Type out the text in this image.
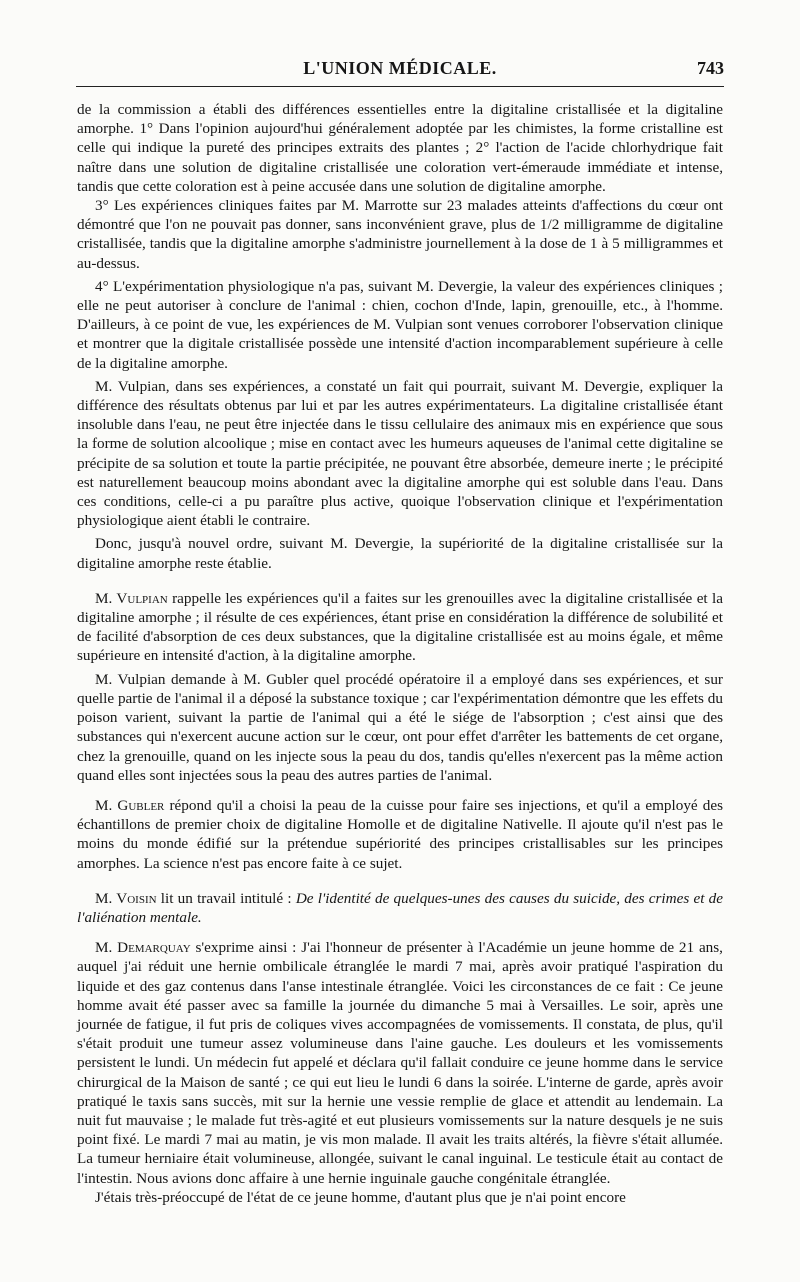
L'UNION MÉDICALE.	743

de la commission a établi des différences essentielles entre la digitaline cristallisée et la digitaline amorphe. 1° Dans l'opinion aujourd'hui généralement adoptée par les chimistes, la forme cristalline est celle qui indique la pureté des principes extraits des plantes ; 2° l'action de l'acide chlorhydrique fait naître dans une solution de digitaline cristallisée une coloration vert-émeraude immédiate et intense, tandis que cette coloration est à peine accusée dans une solution de digitaline amorphe.

3° Les expériences cliniques faites par M. Marrotte sur 23 malades atteints d'affections du cœur ont démontré que l'on ne pouvait pas donner, sans inconvénient grave, plus de 1/2 milligramme de digitaline cristallisée, tandis que la digitaline amorphe s'administre journellement à la dose de 1 à 5 milligrammes et au-dessus.

4° L'expérimentation physiologique n'a pas, suivant M. Devergie, la valeur des expériences cliniques ; elle ne peut autoriser à conclure de l'animal : chien, cochon d'Inde, lapin, grenouille, etc., à l'homme. D'ailleurs, à ce point de vue, les expériences de M. Vulpian sont venues corroborer l'observation clinique et montrer que la digitale cristallisée possède une intensité d'action incomparablement supérieure à celle de la digitaline amorphe.

M. Vulpian, dans ses expériences, a constaté un fait qui pourrait, suivant M. Devergie, expliquer la différence des résultats obtenus par lui et par les autres expérimentateurs. La digitaline cristallisée étant insoluble dans l'eau, ne peut être injectée dans le tissu cellulaire des animaux mis en expérience que sous la forme de solution alcoolique ; mise en contact avec les humeurs aqueuses de l'animal cette digitaline se précipite de sa solution et toute la partie précipitée, ne pouvant être absorbée, demeure inerte ; le précipité est naturellement beaucoup moins abondant avec la digitaline amorphe qui est soluble dans l'eau. Dans ces conditions, celle-ci a pu paraître plus active, quoique l'observation clinique et l'expérimentation physiologique aient établi le contraire.

Donc, jusqu'à nouvel ordre, suivant M. Devergie, la supériorité de la digitaline cristallisée sur la digitaline amorphe reste établie.

M. Vulpian rappelle les expériences qu'il a faites sur les grenouilles avec la digitaline cristallisée et la digitaline amorphe ; il résulte de ces expériences, étant prise en considération la différence de solubilité et de facilité d'absorption de ces deux substances, que la digitaline cristallisée est au moins égale, et même supérieure en intensité d'action, à la digitaline amorphe.

M. Vulpian demande à M. Gubler quel procédé opératoire il a employé dans ses expériences, et sur quelle partie de l'animal il a déposé la substance toxique ; car l'expérimentation démontre que les effets du poison varient, suivant la partie de l'animal qui a été le siége de l'absorption ; c'est ainsi que des substances qui n'exercent aucune action sur le cœur, ont pour effet d'arrêter les battements de cet organe, chez la grenouille, quand on les injecte sous la peau du dos, tandis qu'elles n'exercent pas la même action quand elles sont injectées sous la peau des autres parties de l'animal.

M. Gubler répond qu'il a choisi la peau de la cuisse pour faire ses injections, et qu'il a employé des échantillons de premier choix de digitaline Homolle et de digitaline Nativelle. Il ajoute qu'il n'est pas le moins du monde édifié sur la prétendue supériorité des principes cristallisables sur les principes amorphes. La science n'est pas encore faite à ce sujet.

M. Voisin lit un travail intitulé : De l'identité de quelques-unes des causes du suicide, des crimes et de l'aliénation mentale.

M. Demarquay s'exprime ainsi : J'ai l'honneur de présenter à l'Académie un jeune homme de 21 ans, auquel j'ai réduit une hernie ombilicale étranglée le mardi 7 mai, après avoir pratiqué l'aspiration du liquide et des gaz contenus dans l'anse intestinale étranglée. Voici les circonstances de ce fait : Ce jeune homme avait été passer avec sa famille la journée du dimanche 5 mai à Versailles. Le soir, après une journée de fatigue, il fut pris de coliques vives accompagnées de vomissements. Il constata, de plus, qu'il s'était produit une tumeur assez volumineuse dans l'aine gauche. Les douleurs et les vomissements persistent le lundi. Un médecin fut appelé et déclara qu'il fallait conduire ce jeune homme dans le service chirurgical de la Maison de santé ; ce qui eut lieu le lundi 6 dans la soirée. L'interne de garde, après avoir pratiqué le taxis sans succès, mit sur la hernie une vessie remplie de glace et attendit au lendemain. La nuit fut mauvaise ; le malade fut très-agité et eut plusieurs vomissements sur la nature desquels je ne suis point fixé. Le mardi 7 mai au matin, je vis mon malade. Il avait les traits altérés, la fièvre s'était allumée. La tumeur herniaire était volumineuse, allongée, suivant le canal inguinal. Le testicule était au contact de l'intestin. Nous avions donc affaire à une hernie inguinale gauche congénitale étranglée.

J'étais très-préoccupé de l'état de ce jeune homme, d'autant plus que je n'ai point encore
